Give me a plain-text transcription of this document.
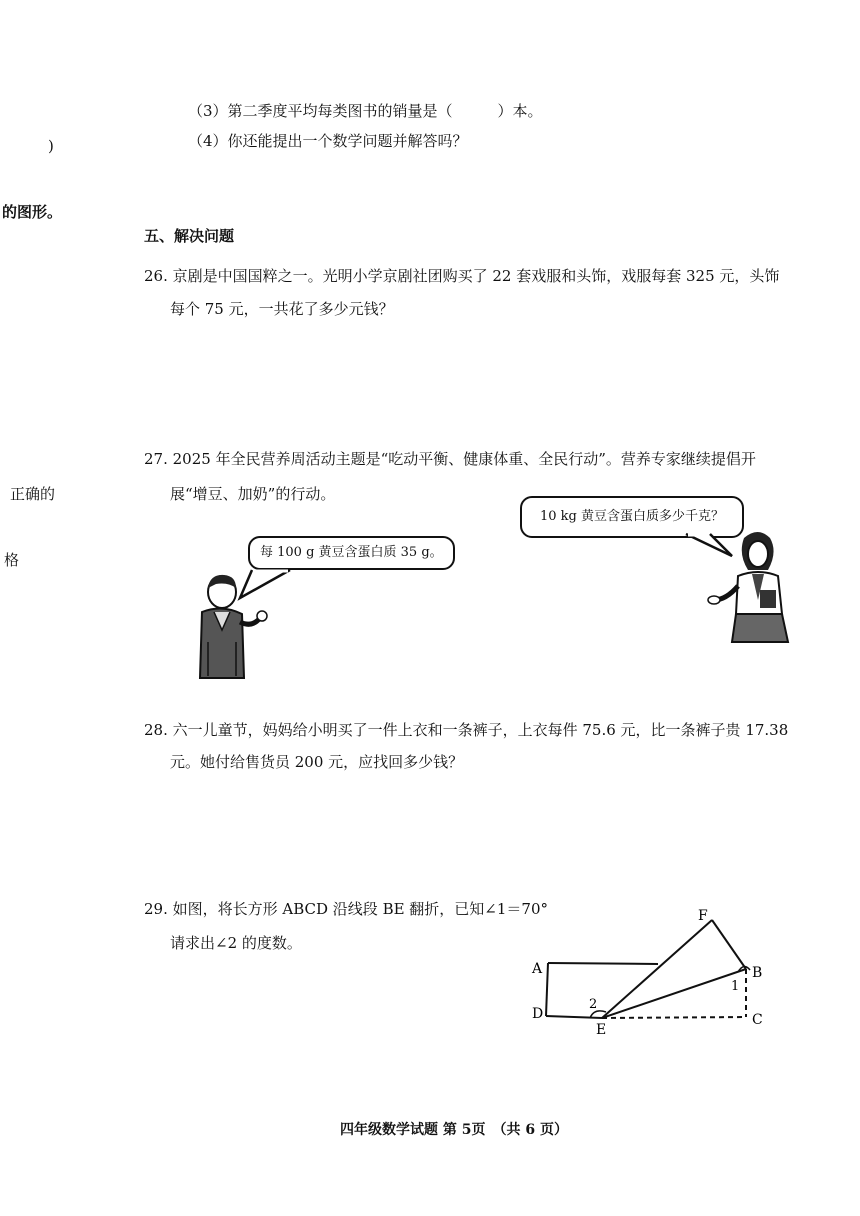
)
的图形。
正确的
格
（3）第二季度平均每类图书的销量是（　　　）本。
（4）你还能提出一个数学问题并解答吗？
五、解决问题
26. 京剧是中国国粹之一。光明小学京剧社团购买了 22 套戏服和头饰，戏服每套 325 元，头饰
每个 75 元，一共花了多少元钱？
27. 2025 年全民营养周活动主题是“吃动平衡、健康体重、全民行动”。营养专家继续提倡开
展“增豆、加奶”的行动。
每 100 g 黄豆含蛋白质 35 g。
10 kg 黄豆含蛋白质多少千克？
28. 六一儿童节，妈妈给小明买了一件上衣和一条裤子，上衣每件 75.6 元，比一条裤子贵 17.38
元。她付给售货员 200 元，应找回多少钱？
29. 如图，将长方形 ABCD 沿线段 BE 翻折，已知∠1＝70°
请求出∠2 的度数。
A	B
C
D
E
F
1
2
四年级数学试题 第 5页　（共 6 页）
